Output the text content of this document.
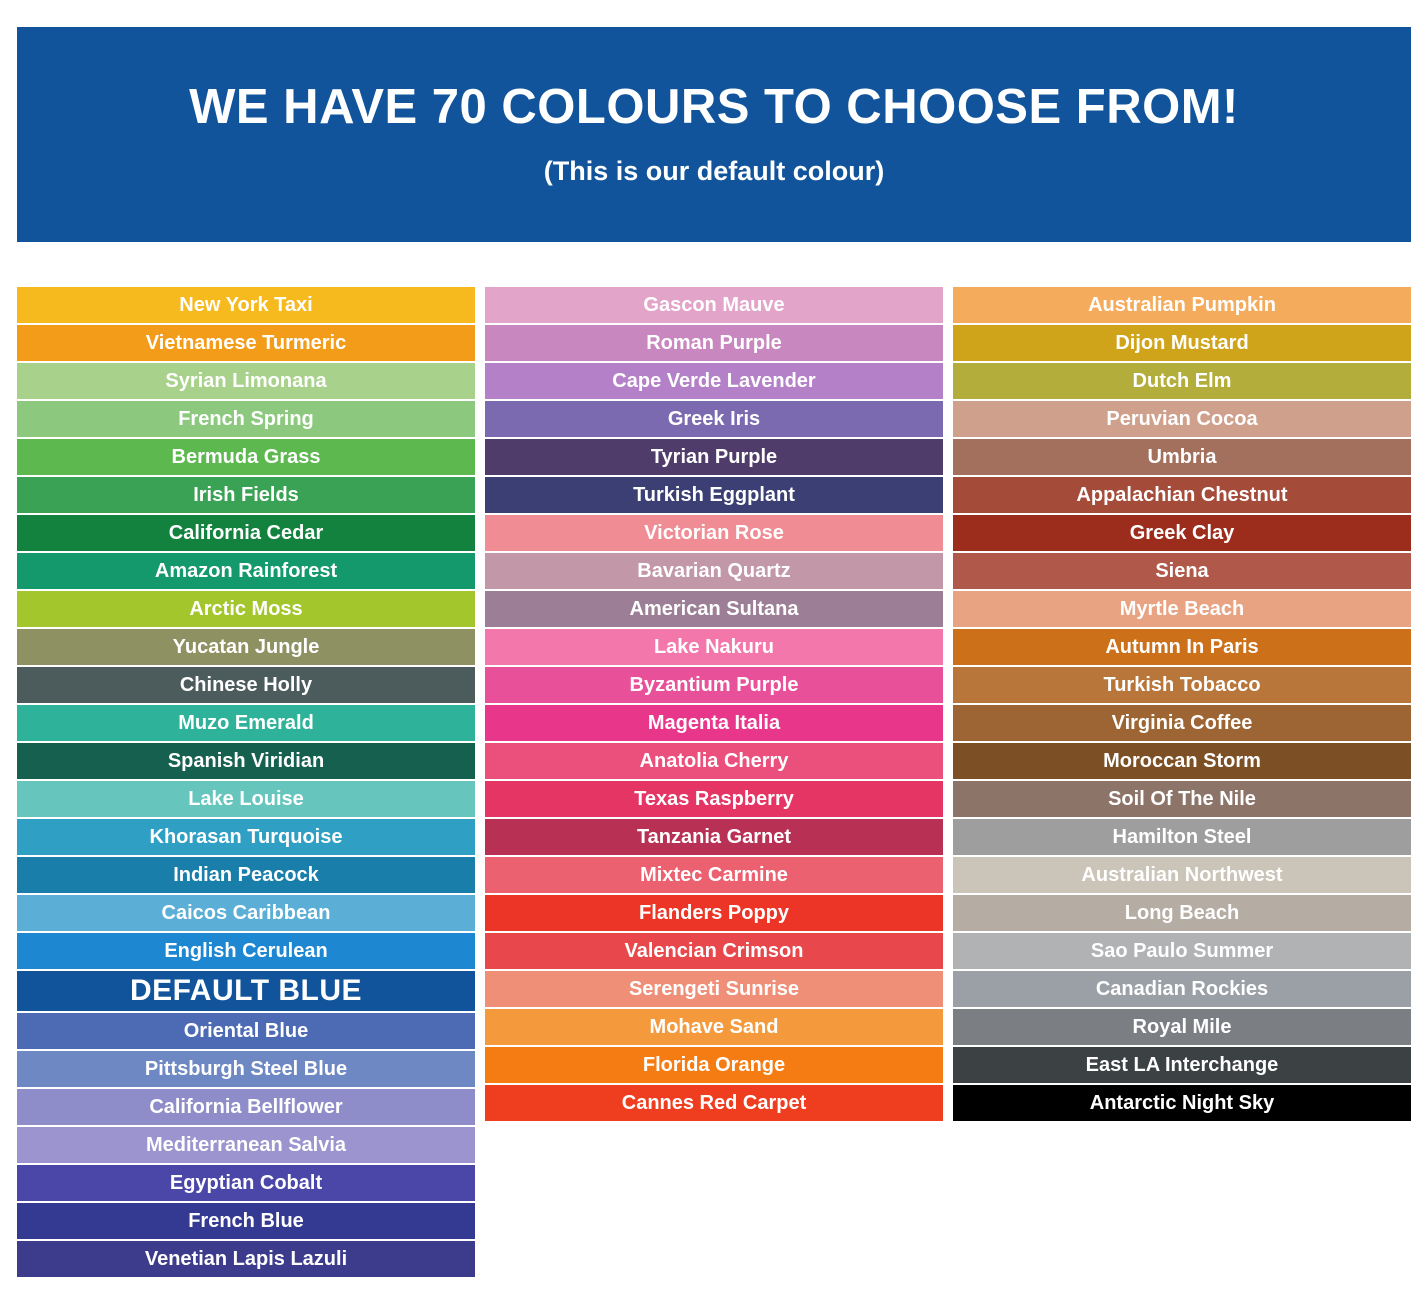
WE HAVE 70 COLOURS TO CHOOSE FROM!
(This is our default colour)
New York Taxi
Vietnamese Turmeric
Syrian Limonana
French Spring
Bermuda Grass
Irish Fields
California Cedar
Amazon Rainforest
Arctic Moss
Yucatan Jungle
Chinese Holly
Muzo Emerald
Spanish Viridian
Lake Louise
Khorasan Turquoise
Indian Peacock
Caicos Caribbean
English Cerulean
DEFAULT BLUE
Oriental Blue
Pittsburgh Steel Blue
California Bellflower
Mediterranean Salvia
Egyptian Cobalt
French Blue
Venetian Lapis Lazuli
Gascon Mauve
Roman Purple
Cape Verde Lavender
Greek Iris
Tyrian Purple
Turkish Eggplant
Victorian Rose
Bavarian Quartz
American Sultana
Lake Nakuru
Byzantium Purple
Magenta Italia
Anatolia Cherry
Texas Raspberry
Tanzania Garnet
Mixtec Carmine
Flanders Poppy
Valencian Crimson
Serengeti Sunrise
Mohave Sand
Florida Orange
Cannes Red Carpet
Australian Pumpkin
Dijon Mustard
Dutch Elm
Peruvian Cocoa
Umbria
Appalachian Chestnut
Greek Clay
Siena
Myrtle Beach
Autumn In Paris
Turkish Tobacco
Virginia Coffee
Moroccan Storm
Soil Of The Nile
Hamilton Steel
Australian Northwest
Long Beach
Sao Paulo Summer
Canadian Rockies
Royal Mile
East LA Interchange
Antarctic Night Sky
